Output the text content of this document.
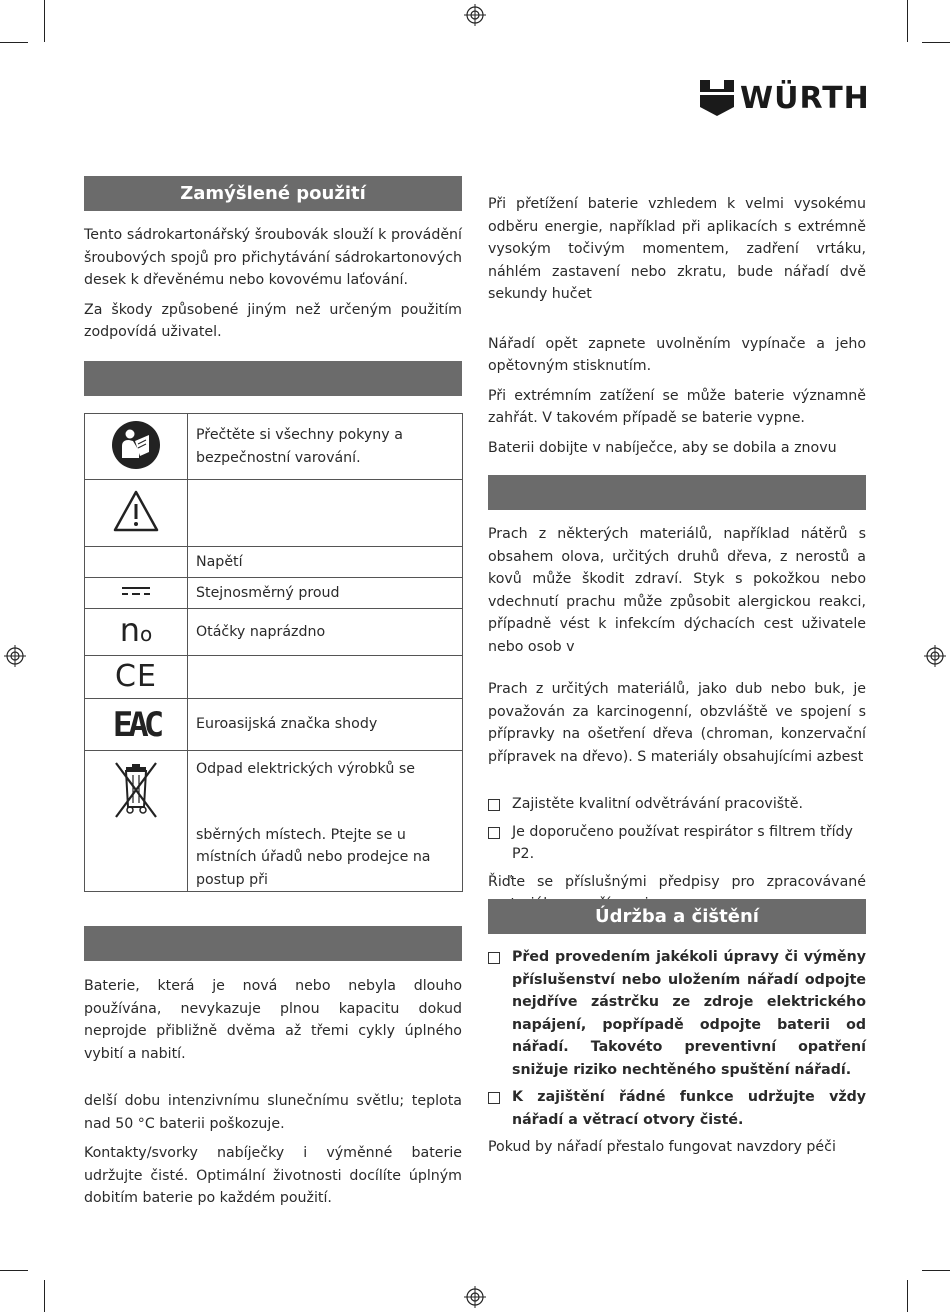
WÜRTH
Zamýšlené použití

Tento sádrokartonářský šroubovák slouží k provádění šroubových spojů pro přichytávání sádrokartonových desek k dřevěnému nebo kovovému laťování.

Za škody způsobené jiným než určeným použitím zodpovídá uživatel.

	Přečtěte si všechny pokyny a bezpečnostní varování.

	Napětí
	Stejnosměrný proud
no	Otáčky naprázdno
CE	
EAC	Euroasijská značka shody

Odpad elektrických výrobků se
sběrných místech. Ptejte se u místních úřadů nebo prodejce na postup při

Baterie, která je nová nebo nebyla dlouho používána, nevykazuje plnou kapacitu dokud neprojde přibližně dvěma až třemi cykly úplného vybití a nabití.

delší dobu intenzivnímu slunečnímu světlu; teplota nad 50 °C baterii poškozuje.

Kontakty/svorky nabíječky i výměnné baterie udržujte čisté. Optimální životnosti docílíte úplným dobitím baterie po každém použití.

Při přetížení baterie vzhledem k velmi vysokému odběru energie, například při aplikacích s extrémně vysokým točivým momentem, zadření vrtáku, náhlém zastavení nebo zkratu, bude nářadí dvě sekundy hučet

Nářadí opět zapnete uvolněním vypínače a jeho opětovným stisknutím.

Při extrémním zatížení se může baterie významně zahřát. V takovém případě se baterie vypne.

Baterii dobijte v nabíječce, aby se dobila a znovu

Prach z některých materiálů, například nátěrů s obsahem olova, určitých druhů dřeva, z nerostů a kovů může škodit zdraví. Styk s pokožkou nebo vdechnutí prachu může způsobit alergickou reakci, případně vést k infekcím dýchacích cest uživatele nebo osob v

Prach z určitých materiálů, jako dub nebo buk, je považován za karcinogenní, obzvláště ve spojení s přípravky na ošetření dřeva (chroman, konzervační přípravek na dřevo). S materiály obsahujícími azbest

Zajistěte kvalitní odvětrávání pracoviště.
Je doporučeno používat respirátor s filtrem třídy P2.

Řiďte se příslušnými předpisy pro zpracovávané

Údržba a čištění
Před provedením jakékoli úpravy či výměny příslušenství nebo uložením nářadí odpojte nejdříve zástrčku ze zdroje elektrického napájení, popřípadě odpojte baterii od nářadí. Takovéto preventivní opatření snižuje riziko nechtěného spuštění nářadí.
K zajištění řádné funkce udržujte vždy nářadí a větrací otvory čisté.

Pokud by nářadí přestalo fungovat navzdory péči
